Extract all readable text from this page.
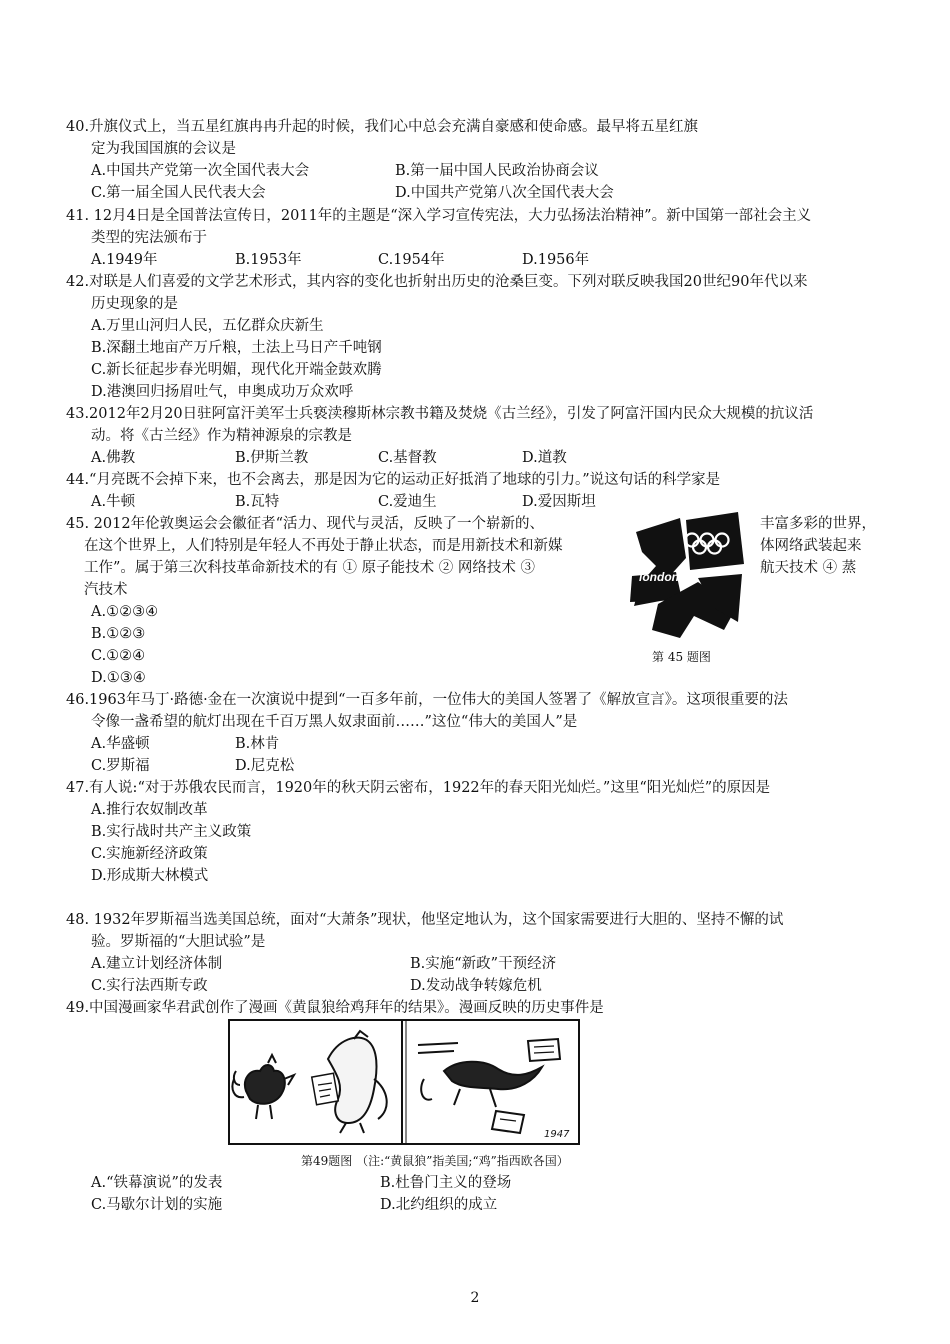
40.升旗仪式上，当五星红旗冉冉升起的时候，我们心中总会充满自豪感和使命感。最早将五星红旗
定为我国国旗的会议是
A.中国共产党第一次全国代表大会	B.第一届中国人民政治协商会议
C.第一届全国人民代表大会	D.中国共产党第八次全国代表大会
41. 12月4日是全国普法宣传日，2011年的主题是“深入学习宣传宪法，大力弘扬法治精神”。新中国第一部社会主义
类型的宪法颁布于
A.1949年	B.1953年	C.1954年	D.1956年
42.对联是人们喜爱的文学艺术形式，其内容的变化也折射出历史的沧桑巨变。下列对联反映我国20世纪90年代以来
历史现象的是
A.万里山河归人民，五亿群众庆新生
B.深翻土地亩产万斤粮，土法上马日产千吨钢
C.新长征起步春光明媚，现代化开端金鼓欢腾
D.港澳回归扬眉吐气，申奥成功万众欢呼
43.2012年2月20日驻阿富汗美军士兵亵渎穆斯林宗教书籍及焚烧《古兰经》，引发了阿富汗国内民众大规模的抗议活
动。将《古兰经》作为精神源泉的宗教是
A.佛教	B.伊斯兰教	C.基督教	D.道教
44.“月亮既不会掉下来，也不会离去，那是因为它的运动正好抵消了地球的引力。”说这句话的科学家是
A.牛顿	B.瓦特	C.爱迪生	D.爱因斯坦
45. 2012年伦敦奥运会会徽征者“活力、现代与灵活，反映了一个崭新的、	丰富多彩的世界，
在这个世界上，人们特别是年轻人不再处于静止状态，而是用新技术和新媒	体网络武装起来
工作”。属于第三次科技革命新技术的有 ① 原子能技术 ② 网络技术 ③	航天技术 ④ 蒸
汽技术
A.①②③④
B.①②③
C.①②④
D.①③④
london
第 45 题图
46.1963年马丁·路德·金在一次演说中提到“一百多年前，一位伟大的美国人签署了《解放宣言》。这项很重要的法
令像一盏希望的航灯出现在千百万黑人奴隶面前……”这位“伟大的美国人”是
A.华盛顿	B.林肯
C.罗斯福	D.尼克松
47.有人说:“对于苏俄农民而言，1920年的秋天阴云密布，1922年的春天阳光灿烂。”这里“阳光灿烂”的原因是
A.推行农奴制改革
B.实行战时共产主义政策
C.实施新经济政策
D.形成斯大林模式
48. 1932年罗斯福当选美国总统，面对“大萧条”现状，他坚定地认为，这个国家需要进行大胆的、坚持不懈的试
验。罗斯福的“大胆试验”是
A.建立计划经济体制	B.实施“新政”干预经济
C.实行法西斯专政	D.发动战争转嫁危机
49.中国漫画家华君武创作了漫画《黄鼠狼给鸡拜年的结果》。漫画反映的历史事件是
1947
第49题图 （注:“黄鼠狼”指美国;“鸡”指西欧各国）
A.“铁幕演说”的发表	B.杜鲁门主义的登场
C.马歇尔计划的实施	D.北约组织的成立
2
